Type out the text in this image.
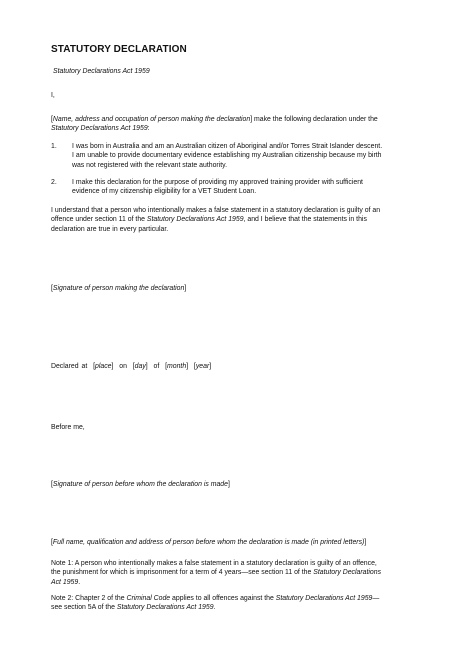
STATUTORY DECLARATION
Statutory Declarations Act 1959
I,
[Name, address and occupation of person making the declaration] make the following declaration under the
Statutory Declarations Act 1959:
1. I was born in Australia and am an Australian citizen of Aboriginal and/or Torres Strait Islander descent.
I am unable to provide documentary evidence establishing my Australian citizenship because my birth
was not registered with the relevant state authority.
2. I make this declaration for the purpose of providing my approved training provider with sufficient
evidence of my citizenship eligibility for a VET Student Loan.
I understand that a person who intentionally makes a false statement in a statutory declaration is guilty of an
offence under section 11 of the Statutory Declarations Act 1959, and I believe that the statements in this
declaration are true in every particular.
[Signature of person making the declaration]
Declared at  [place]  on  [day]  of  [month]  [year]
Before me,
[Signature of person before whom the declaration is made]
[Full name, qualification and address of person before whom the declaration is made (in printed letters)]
Note 1: A person who intentionally makes a false statement in a statutory declaration is guilty of an offence,
the punishment for which is imprisonment for a term of 4 years—see section 11 of the Statutory Declarations
Act 1959.
Note 2: Chapter 2 of the Criminal Code applies to all offences against the Statutory Declarations Act 1959—
see section 5A of the Statutory Declarations Act 1959.
